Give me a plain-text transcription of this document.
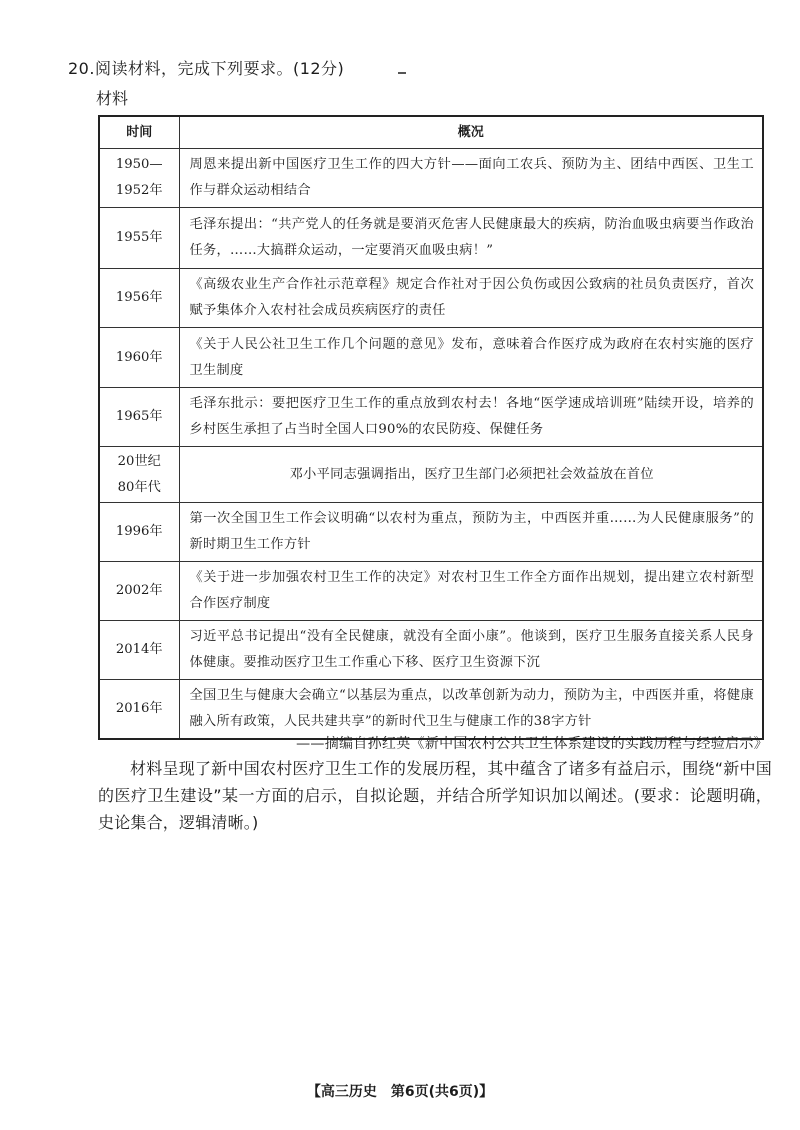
20.阅读材料，完成下列要求。(12分)
材料
时间	概况
1950—
1952年	周恩来提出新中国医疗卫生工作的四大方针——面向工农兵、预防为主、团结中西医、卫生工作与群众运动相结合
1955年	毛泽东提出：“共产党人的任务就是要消灭危害人民健康最大的疾病，防治血吸虫病要当作政治任务，……大搞群众运动，一定要消灭血吸虫病！”
1956年	《高级农业生产合作社示范章程》规定合作社对于因公负伤或因公致病的社员负责医疗，首次赋予集体介入农村社会成员疾病医疗的责任
1960年	《关于人民公社卫生工作几个问题的意见》发布，意味着合作医疗成为政府在农村实施的医疗卫生制度
1965年	毛泽东批示：要把医疗卫生工作的重点放到农村去！各地“医学速成培训班”陆续开设，培养的乡村医生承担了占当时全国人口90%的农民防疫、保健任务
20世纪
80年代	邓小平同志强调指出，医疗卫生部门必须把社会效益放在首位
1996年	第一次全国卫生工作会议明确“以农村为重点，预防为主，中西医并重……为人民健康服务”的新时期卫生工作方针
2002年	《关于进一步加强农村卫生工作的决定》对农村卫生工作全方面作出规划，提出建立农村新型合作医疗制度
2014年	习近平总书记提出“没有全民健康，就没有全面小康”。他谈到，医疗卫生服务直接关系人民身体健康。要推动医疗卫生工作重心下移、医疗卫生资源下沉
2016年	全国卫生与健康大会确立“以基层为重点，以改革创新为动力，预防为主，中西医并重，将健康融入所有政策，人民共建共享”的新时代卫生与健康工作的38字方针
——摘编自孙红英《新中国农村公共卫生体系建设的实践历程与经验启示》
材料呈现了新中国农村医疗卫生工作的发展历程，其中蕴含了诸多有益启示，围绕“新中国的医疗卫生建设”某一方面的启示，自拟论题，并结合所学知识加以阐述。(要求：论题明确，史论集合，逻辑清晰。)
【高三历史　第6页(共6页)】
